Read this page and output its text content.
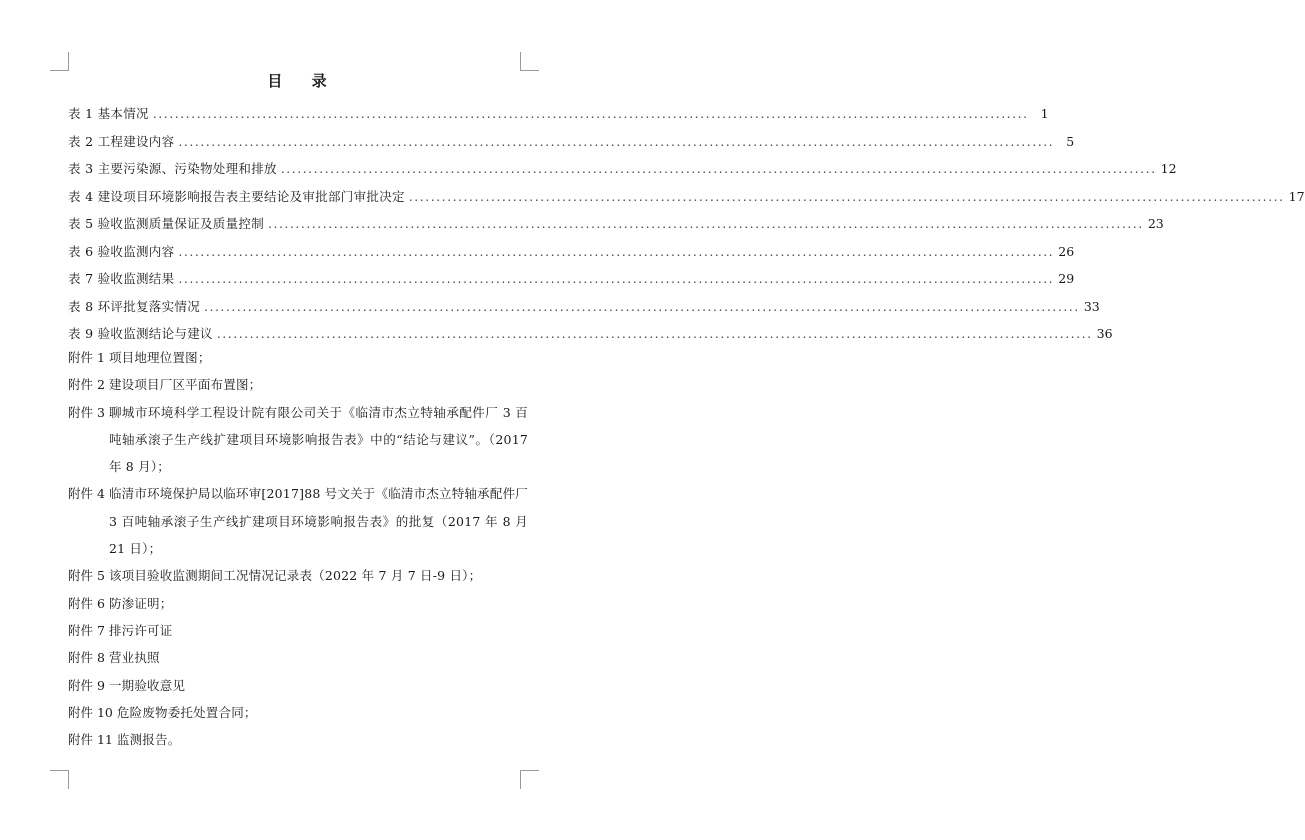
目 录
表 1 基本情况 ................................................................................................................................................................ 1
表 2 工程建设内容 ................................................................................................................................................................ 5
表 3 主要污染源、污染物处理和排放 ................................................................................................................................................................ 12
表 4 建设项目环境影响报告表主要结论及审批部门审批决定 ................................................................................................................................................................ 17
表 5 验收监测质量保证及质量控制 ................................................................................................................................................................ 23
表 6 验收监测内容 ................................................................................................................................................................ 26
表 7 验收监测结果 ................................................................................................................................................................ 29
表 8 环评批复落实情况 ................................................................................................................................................................ 33
表 9 验收监测结论与建议 ................................................................................................................................................................ 36
附件 1 项目地理位置图；
附件 2 建设项目厂区平面布置图；
附件 3 聊城市环境科学工程设计院有限公司关于《临清市杰立特轴承配件厂 3 百吨轴承滚子生产线扩建项目环境影响报告表》中的“结论与建议”。（2017 年 8 月）；
附件 4 临清市环境保护局以临环审[2017]88 号文关于《临清市杰立特轴承配件厂 3 百吨轴承滚子生产线扩建项目环境影响报告表》的批复（2017 年 8 月 21 日）；
附件 5 该项目验收监测期间工况情况记录表（2022 年 7 月 7 日-9 日）；
附件 6 防渗证明；
附件 7 排污许可证
附件 8 营业执照
附件 9 一期验收意见
附件 10 危险废物委托处置合同；
附件 11 监测报告。
